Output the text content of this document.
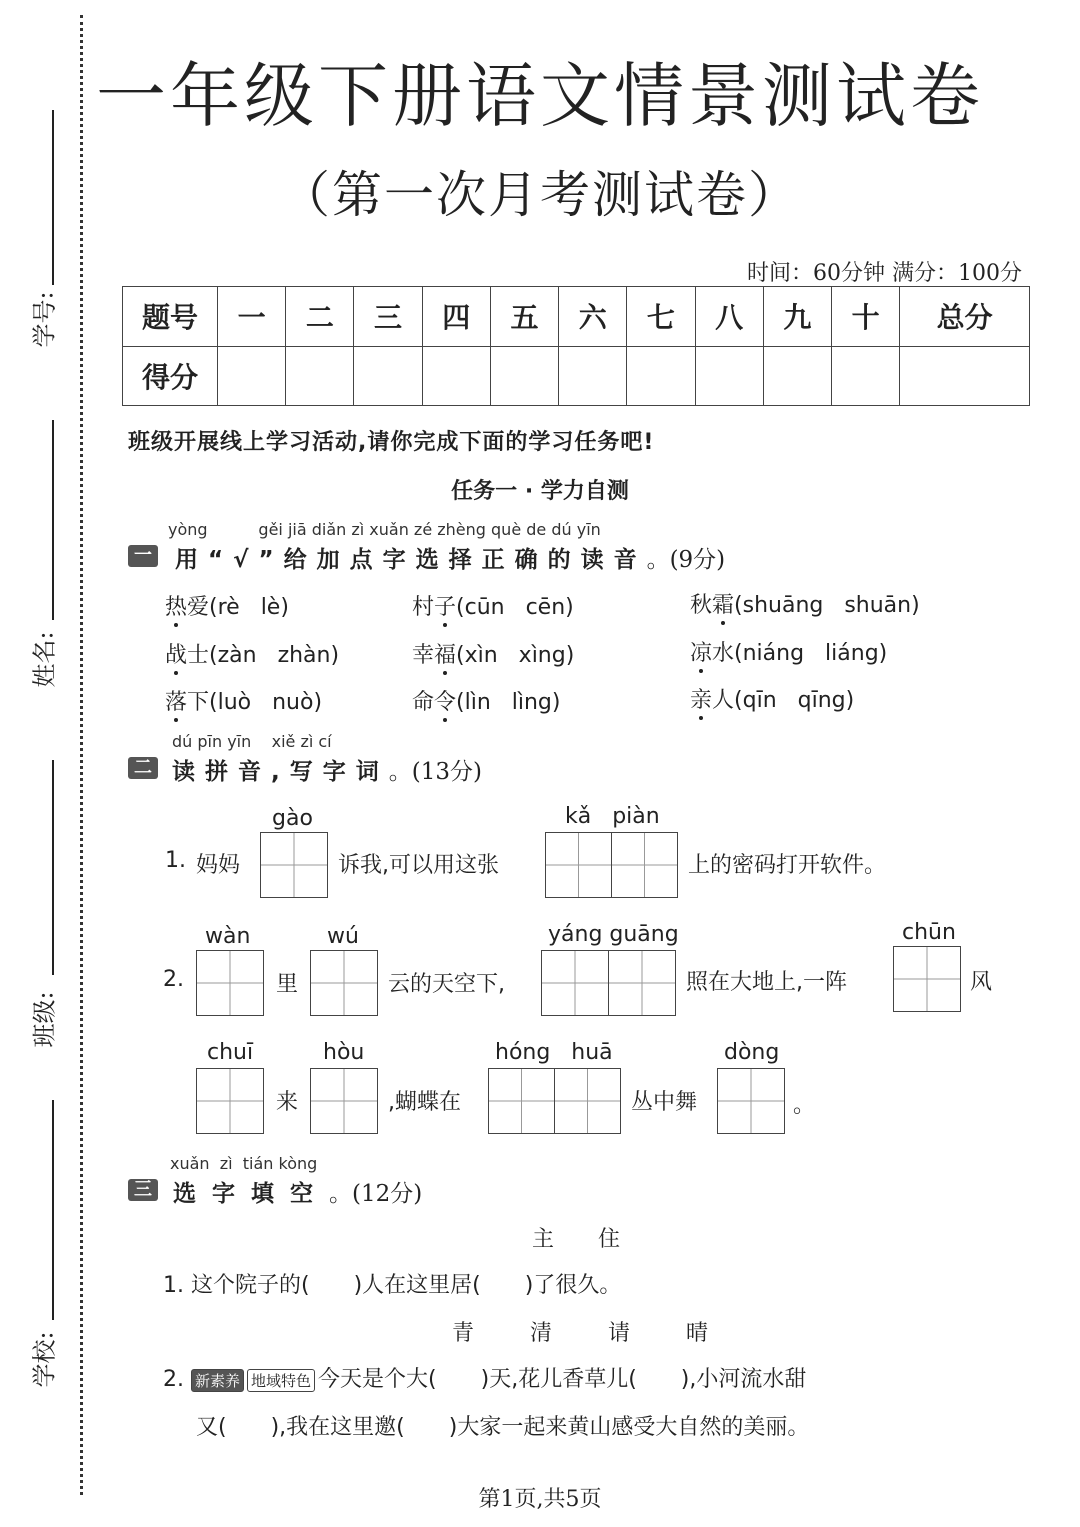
学号:
姓名:
班级:
学校:
一年级下册语文情景测试卷
（第一次月考测试卷）
时间：60分钟 满分：100分
题号	一	二	三	四	五	六	七	八	九	十	总分
得分											
班级开展线上学习活动,请你完成下面的学习任务吧!
任务一 · 学力自测
yòng          gěi jiā diǎn zì xuǎn zé zhèng què de dú yīn
一 用“√”给加点字选择正确的读音。(9分)
热爱(rè   lè)	村子(cūn   cēn)	秋霜(shuāng   shuān)
战士(zàn   zhàn)	幸福(xìn   xìng)	凉水(niáng   liáng)
落下(luò   nuò)	命令(lìn   lìng)	亲人(qīn   qīng)
dú pīn yīn    xiě zì cí
二 读拼音,写字词。(13分)
gào	kǎ   piàn
1. 妈妈	诉我,可以用这张	上的密码打开软件。
wàn	wú	yáng guāng	chūn
2.	里	云的天空下,	照在大地上,一阵	风
chuī	hòu	hóng   huā	dòng
来	,蝴蝶在	丛中舞	。
xuǎn  zì  tián kòng
三 选字填空。(12分)
主　　住
1. 这个院子的(　　)人在这里居(　　)了很久。
青　　清　　请　　晴
2. 新素养 地域特色 今天是个大(　　)天,花儿香草儿(　　),小河流水甜
又(　　),我在这里邀(　　)大家一起来黄山感受大自然的美丽。
第1页,共5页
